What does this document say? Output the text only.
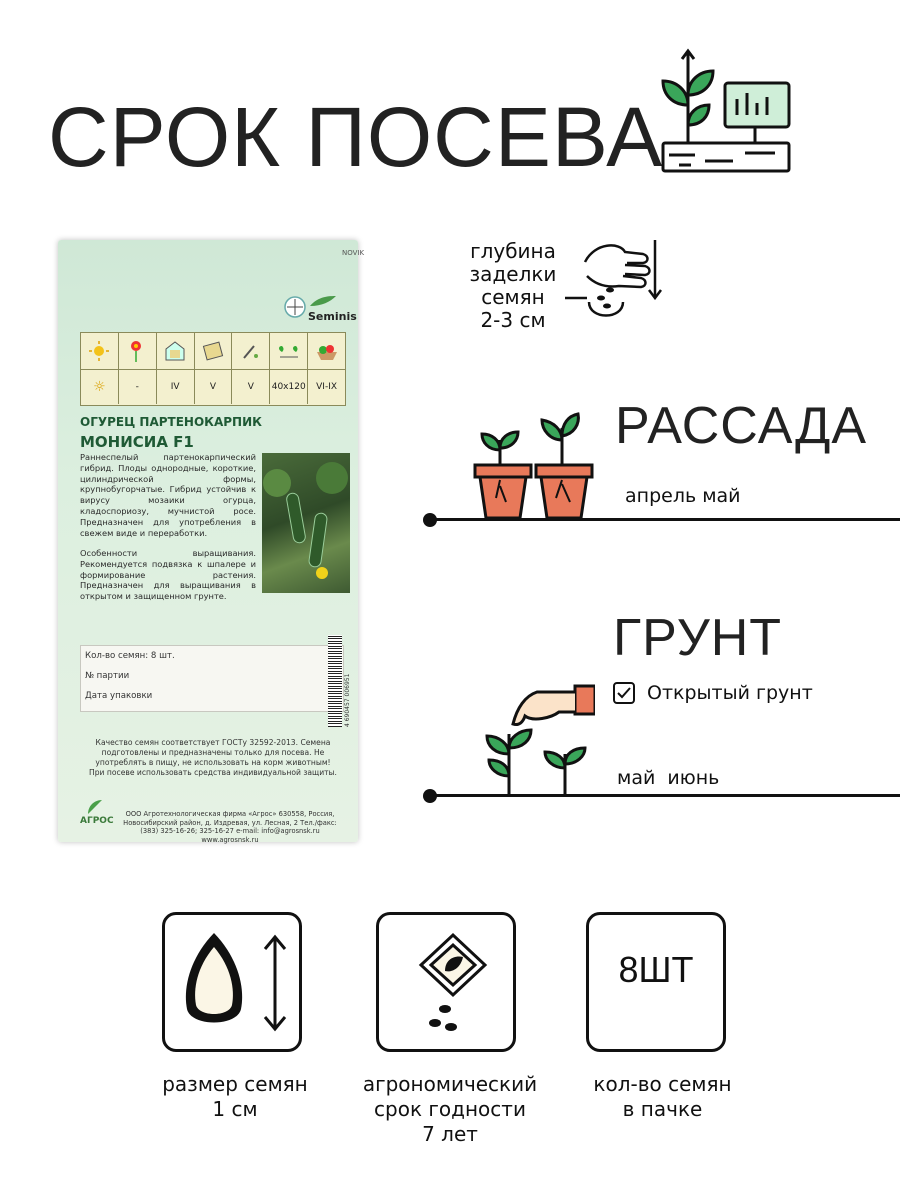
СРОК ПОСЕВА
глубина
заделки
семян
2-3 см
РАССАДА
апрель май
ГРУНТ
Открытый грунт
май  июнь
NOVIK
Seminis
☼	-	IV	V	V	40x120	VI-IX
ОГУРЕЦ ПАРТЕНОКАРПИК
МОНИСИА F1
Раннеспелый партенокарпический гибрид. Плоды однородные, короткие, цилиндрической формы, крупнобугорчатые. Гибрид устойчив к вирусу мозаики огурца, кладоспориозу, мучнистой росе. Предназначен для употребления в свежем виде и переработки.
Особенности выращивания. Рекомендуется подвязка к шпалере и формирование растения. Предназначен для выращивания в открытом и защищенном грунте.
Кол-во семян: 8 шт.
№ партии
Дата упаковки	4 690457 006951
Качество семян соответствует ГОСТу 32592-2013. Семена подготовлены и предназначены только для посева. Не употреблять в пищу, не использовать на корм животным! При посеве использовать средства индивидуальной защиты.
АГРОС
ООО Агротехнологическая фирма «Агрос» 630558, Россия, Новосибирский район, д. Издревая, ул. Лесная, 2 Тел./факс: (383) 325-16-26; 325-16-27 e-mail: info@agrosnsk.ru www.agrosnsk.ru
8ШТ
размер семян
1 см
агрономический
срок годности
7 лет
кол-во семян
в пачке
